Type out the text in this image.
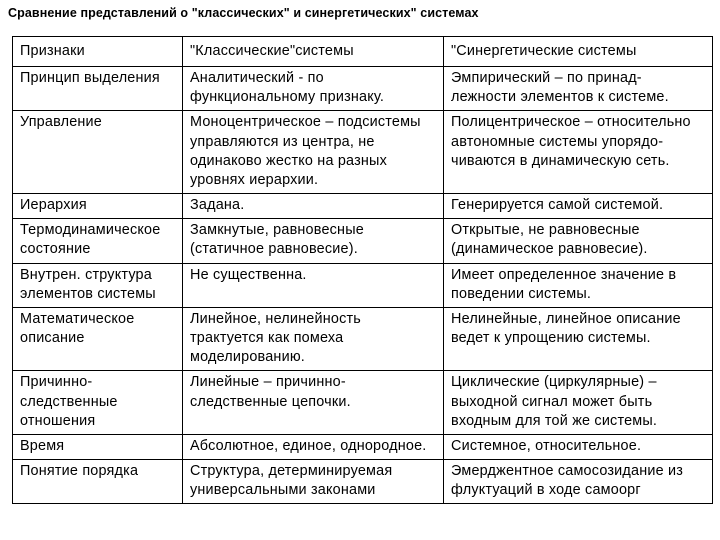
Сравнение представлений о "классических" и синергетических" системах
Признаки	"Классические"системы	"Синергетические системы
Принцип выделения	Аналитический - по функциональному признаку.	Эмпирический – по принад-лежности элементов к системе.
Управление	Моноцентрическое – подсистемы управляются из центра, не одинаково жестко на разных уровнях иерархии.	Полицентрическое – относительно автономные системы упорядо-чиваются в динамическую сеть.
Иерархия	Задана.	Генерируется самой системой.
Термодинамическое состояние	Замкнутые, равновесные (статичное равновесие).	Открытые, не равновесные (динамическое равновесие).
Внутрен. структура элементов системы	Не существенна.	Имеет определенное значение в поведении системы.
Математическое описание	Линейное, нелинейность трактуется как помеха моделированию.	Нелинейные, линейное описание ведет к упрощению системы.
Причинно-следственные отношения	Линейные – причинно-следственные цепочки.	Циклические (циркулярные) – выходной сигнал может быть входным для той же системы.
Время	Абсолютное, единое, однородное.	Системное, относительное.
Понятие порядка	Структура, детерминируемая универсальными законами	Эмерджентное самосозидание из флуктуаций в ходе самоорг
